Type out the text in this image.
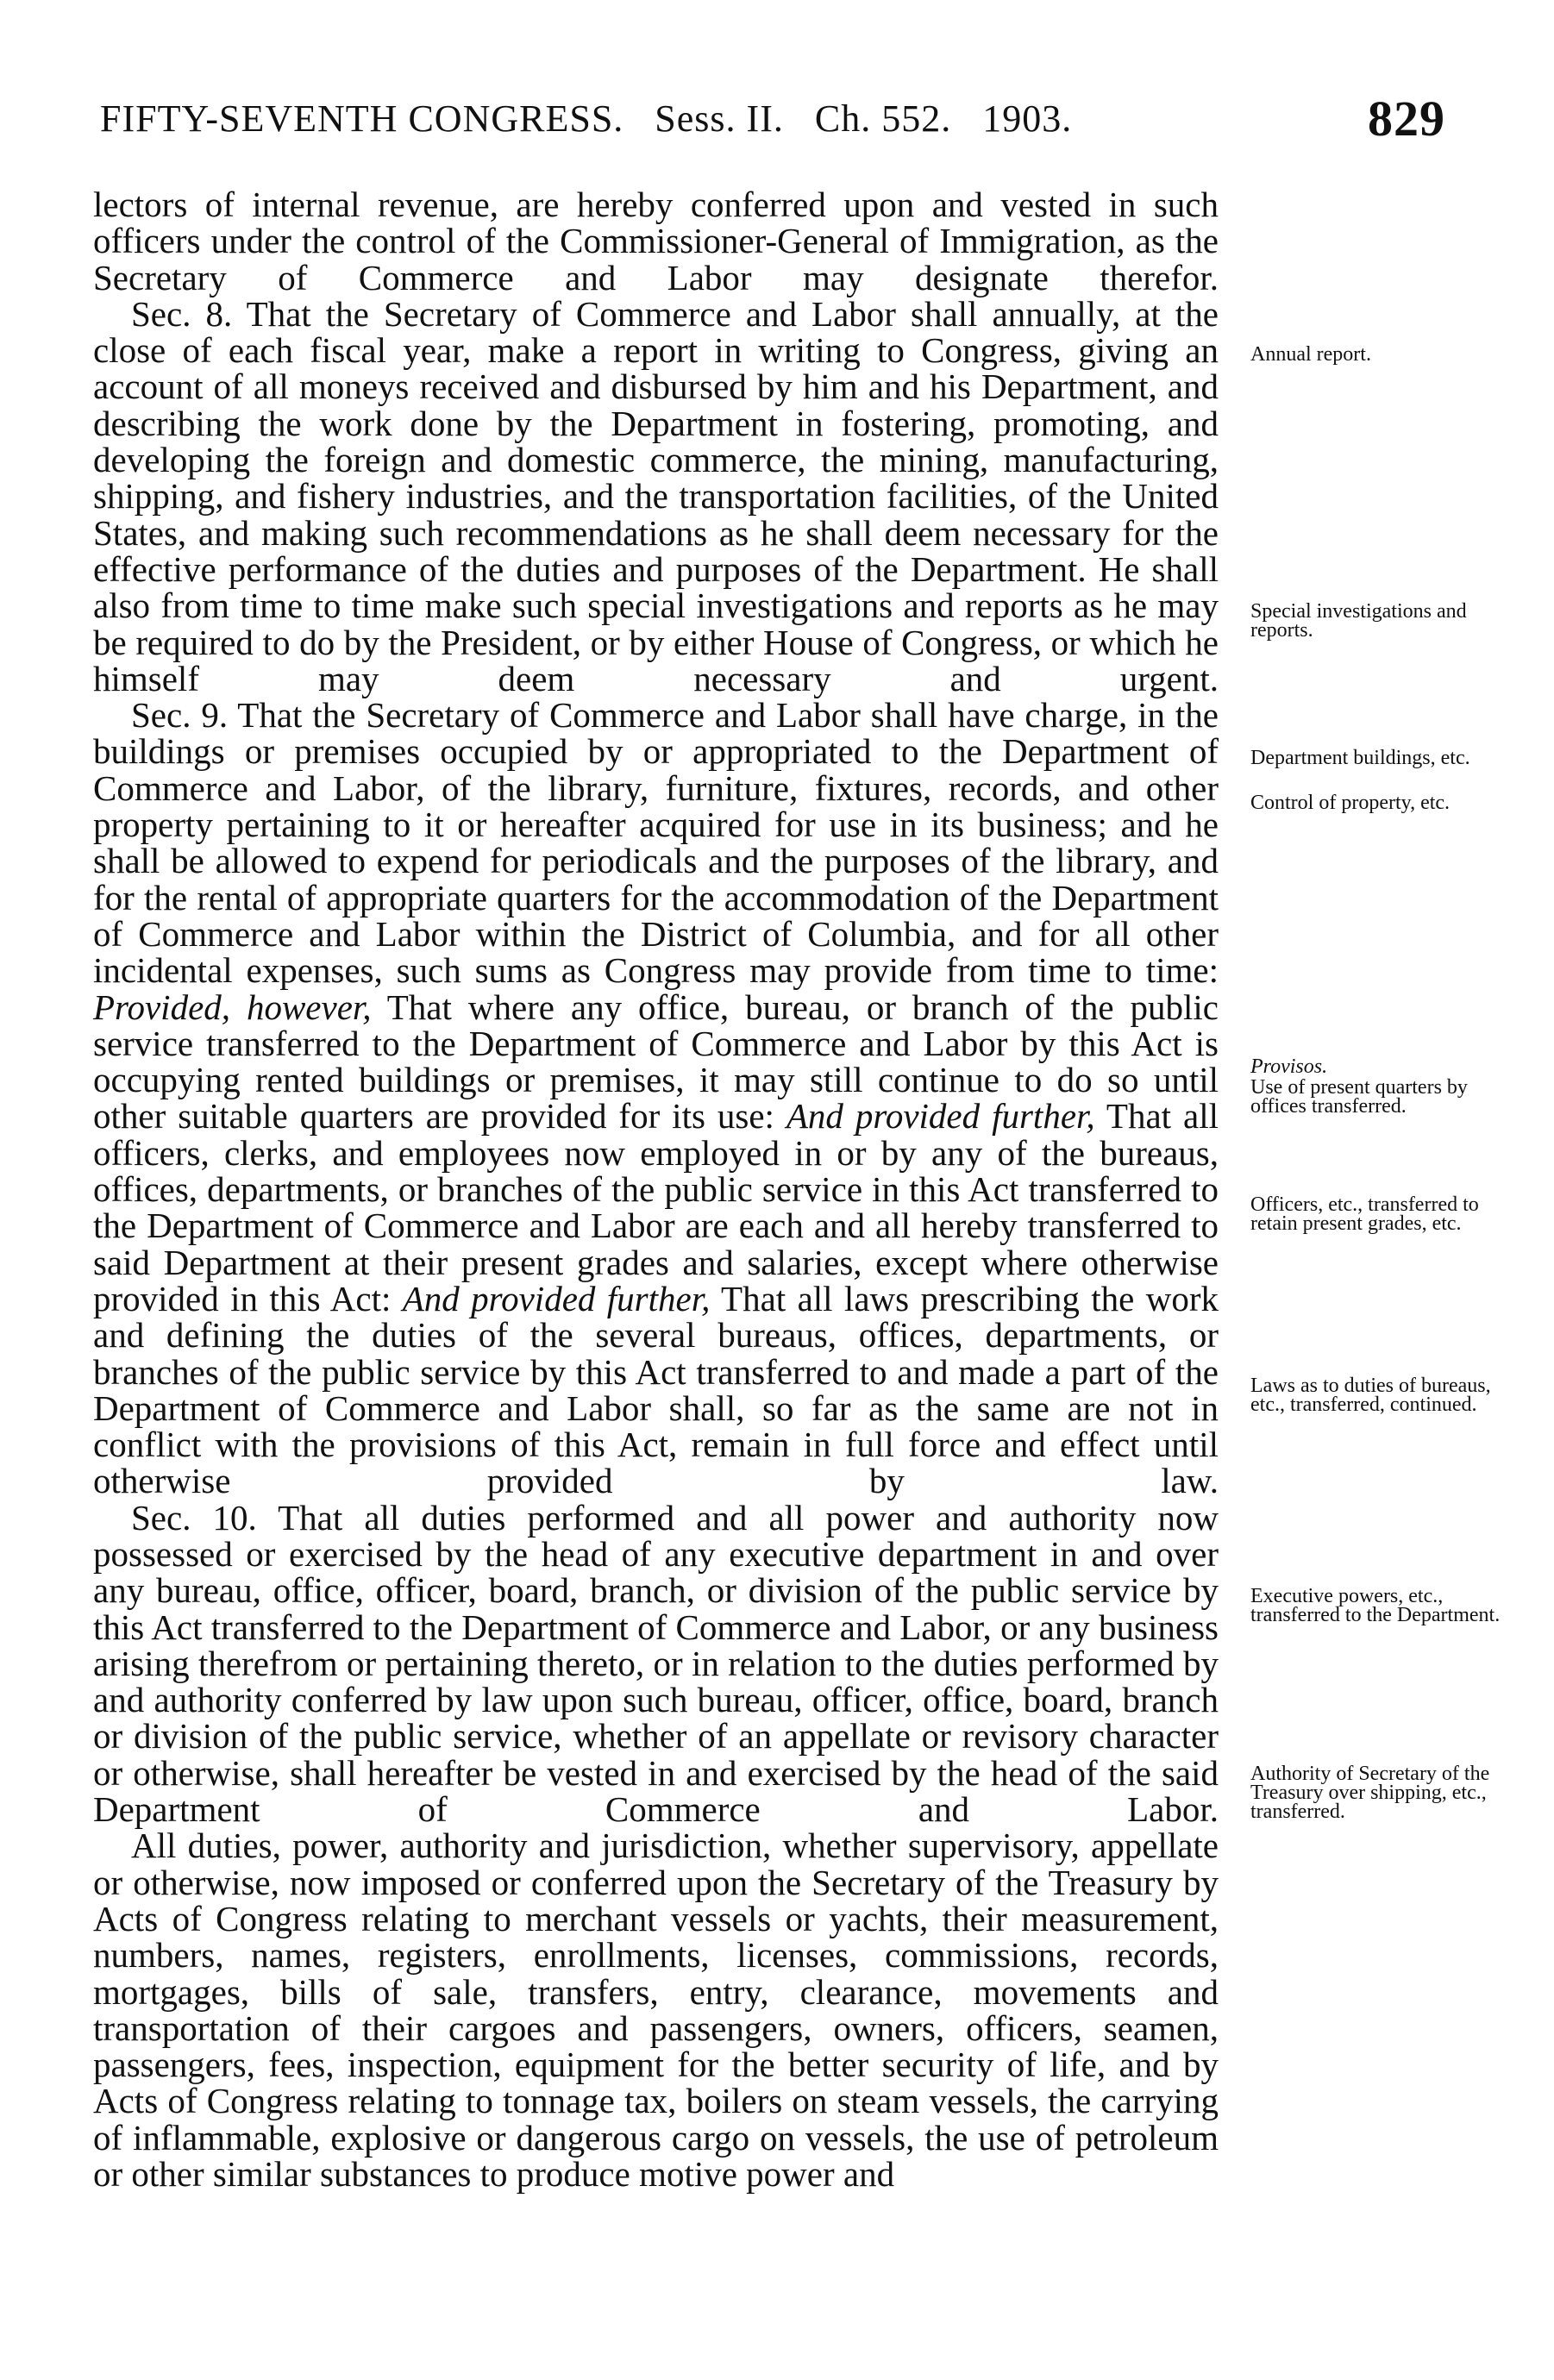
FIFTY-SEVENTH CONGRESS. Sess. II. Ch. 552. 1903.	829

lectors of internal revenue, are hereby conferred upon and vested in such officers under the control of the Commissioner-General of Immigration, as the Secretary of Commerce and Labor may designate therefor.

Sec. 8. That the Secretary of Commerce and Labor shall annually, at the close of each fiscal year, make a report in writing to Congress, giving an account of all moneys received and disbursed by him and his Department, and describing the work done by the Department in fostering, promoting, and developing the foreign and domestic commerce, the mining, manufacturing, shipping, and fishery industries, and the transportation facilities, of the United States, and making such recommendations as he shall deem necessary for the effective performance of the duties and purposes of the Department. He shall also from time to time make such special investigations and reports as he may be required to do by the President, or by either House of Congress, or which he himself may deem necessary and urgent.

Sec. 9. That the Secretary of Commerce and Labor shall have charge, in the buildings or premises occupied by or appropriated to the Department of Commerce and Labor, of the library, furniture, fixtures, records, and other property pertaining to it or hereafter acquired for use in its business; and he shall be allowed to expend for periodicals and the purposes of the library, and for the rental of appropriate quarters for the accommodation of the Department of Commerce and Labor within the District of Columbia, and for all other incidental expenses, such sums as Congress may provide from time to time: Provided, however, That where any office, bureau, or branch of the public service transferred to the Department of Commerce and Labor by this Act is occupying rented buildings or premises, it may still continue to do so until other suitable quarters are provided for its use: And provided further, That all officers, clerks, and employees now employed in or by any of the bureaus, offices, departments, or branches of the public service in this Act transferred to the Department of Commerce and Labor are each and all hereby transferred to said Department at their present grades and salaries, except where otherwise provided in this Act: And provided further, That all laws prescribing the work and defining the duties of the several bureaus, offices, departments, or branches of the public service by this Act transferred to and made a part of the Department of Commerce and Labor shall, so far as the same are not in conflict with the provisions of this Act, remain in full force and effect until otherwise provided by law.

Sec. 10. That all duties performed and all power and authority now possessed or exercised by the head of any executive department in and over any bureau, office, officer, board, branch, or division of the public service by this Act transferred to the Department of Commerce and Labor, or any business arising therefrom or pertaining thereto, or in relation to the duties performed by and authority conferred by law upon such bureau, officer, office, board, branch or division of the public service, whether of an appellate or revisory character or otherwise, shall hereafter be vested in and exercised by the head of the said Department of Commerce and Labor.

All duties, power, authority and jurisdiction, whether supervisory, appellate or otherwise, now imposed or conferred upon the Secretary of the Treasury by Acts of Congress relating to merchant vessels or yachts, their measurement, numbers, names, registers, enrollments, licenses, commissions, records, mortgages, bills of sale, transfers, entry, clearance, movements and transportation of their cargoes and passengers, owners, officers, seamen, passengers, fees, inspection, equipment for the better security of life, and by Acts of Congress relating to tonnage tax, boilers on steam vessels, the carrying of inflammable, explosive or dangerous cargo on vessels, the use of petroleum or other similar substances to produce motive power and

Annual report.
Special investigations and reports.
Department buildings, etc.
Control of property, etc.
Provisos.
Use of present quarters by offices transferred.
Officers, etc., transferred to retain present grades, etc.
Laws as to duties of bureaus, etc., transferred, continued.
Executive powers, etc., transferred to the Department.
Authority of Secretary of the Treasury over shipping, etc., transferred.
